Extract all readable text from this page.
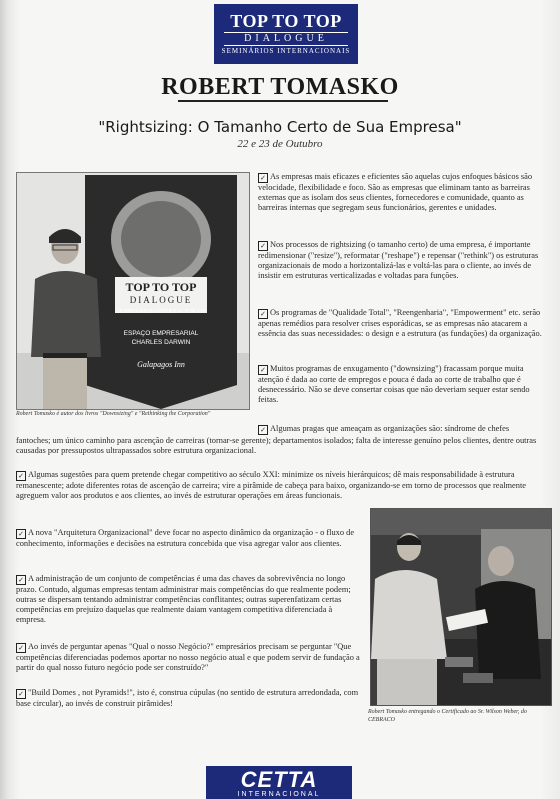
TOP TO TOP
DIALOGUE
SEMINÁRIOS INTERNACIONAIS
ROBERT TOMASKO
"Rightsizing: O Tamanho Certo de Sua Empresa"
22 e 23 de Outubro
TOP TO TOP
DIALOGUE
SEMINÁRIOS INTERNACIONAIS
ESPAÇO EMPRESARIAL
CHARLES DARWIN
Galapagos Inn
Robert Tomasko é autor dos livros "Downsizing" e "Rethinking the Corporation"

✓ As empresas mais eficazes e eficientes são aquelas cujos enfoques básicos são velocidade, flexibilidade e foco. São as empresas que eliminam tanto as barreiras externas que as isolam dos seus clientes, fornecedores e comunidade, quanto as barreiras internas que segregam seus funcionários, gerentes e unidades.

✓ Nos processos de rightsizing (o tamanho certo) de uma empresa, é importante redimensionar ("resize"), reformatar ("reshape") e repensar ("rethink") os estruturas organizacionais de modo a horizontalizá-las e voltá-las para o cliente, ao invés de insistir em estruturas verticalizadas e voltadas para funções.

✓ Os programas de "Qualidade Total", "Reengenharia", "Empowerment" etc. serão apenas remédios para resolver crises esporádicas, se as empresas não atacarem a essência das suas necessidades: o design e a estrutura (as fundações) da organização.

✓ Muitos programas de enxugamento ("downsizing") fracassam porque muita atenção é dada ao corte de empregos e pouca é dada ao corte de trabalho que é desnecessário. Não se deve consertar coisas que não deveriam sequer estar sendo feitas.

✓ Algumas pragas que ameaçam as organizações são: síndrome de chefes

fantoches; um único caminho para ascenção de carreiras (tornar-se gerente); departamentos isolados; falta de interesse genuíno pelos clientes, dentre outras causadas por pressupostos ultrapassados sobre estrutura organizacional.

✓ Algumas sugestões para quem pretende chegar competitivo ao século XXI: minimize os níveis hierárquicos; dê mais responsabilidade à estrutura remanescente; adote diferentes rotas de ascenção de carreira; vire a pirâmide de cabeça para baixo, organizando-se em torno de processos que realmente agreguem valor aos produtos e aos clientes, ao invés de estruturar operações em áreas funcionais.

✓ A nova "Arquitetura Organizacional" deve focar no aspecto dinâmico da organização - o fluxo de conhecimento, informações e decisões na estrutura concebida que visa agregar valor aos clientes.

✓ A administração de um conjunto de competências é uma das chaves da sobrevivência no longo prazo. Contudo, algumas empresas tentam administrar mais competências do que realmente podem; outras se dispersam tentando administrar competências conflitantes; outras superenfatizam certas competências em prejuízo daquelas que realmente daiam vantagem competitiva diferenciada à empresa.

✓ Ao invés de perguntar apenas "Qual o nosso Negócio?" empresários precisam se perguntar "Que competências diferenciadas podemos aportar no nosso negócio atual e que podem servir de fundação a partir do qual nosso futuro negócio pode ser construído?"

✓ "Build Domes , not Pyramids!", isto é, construa cúpulas (no sentido de estrutura arredondada, com base circular), ao invés de construir pirâmides!

Robert Tomasko entregando o Certificado ao Sr. Wilson Weber, do CEBRACO
CETTA
INTERNACIONAL
